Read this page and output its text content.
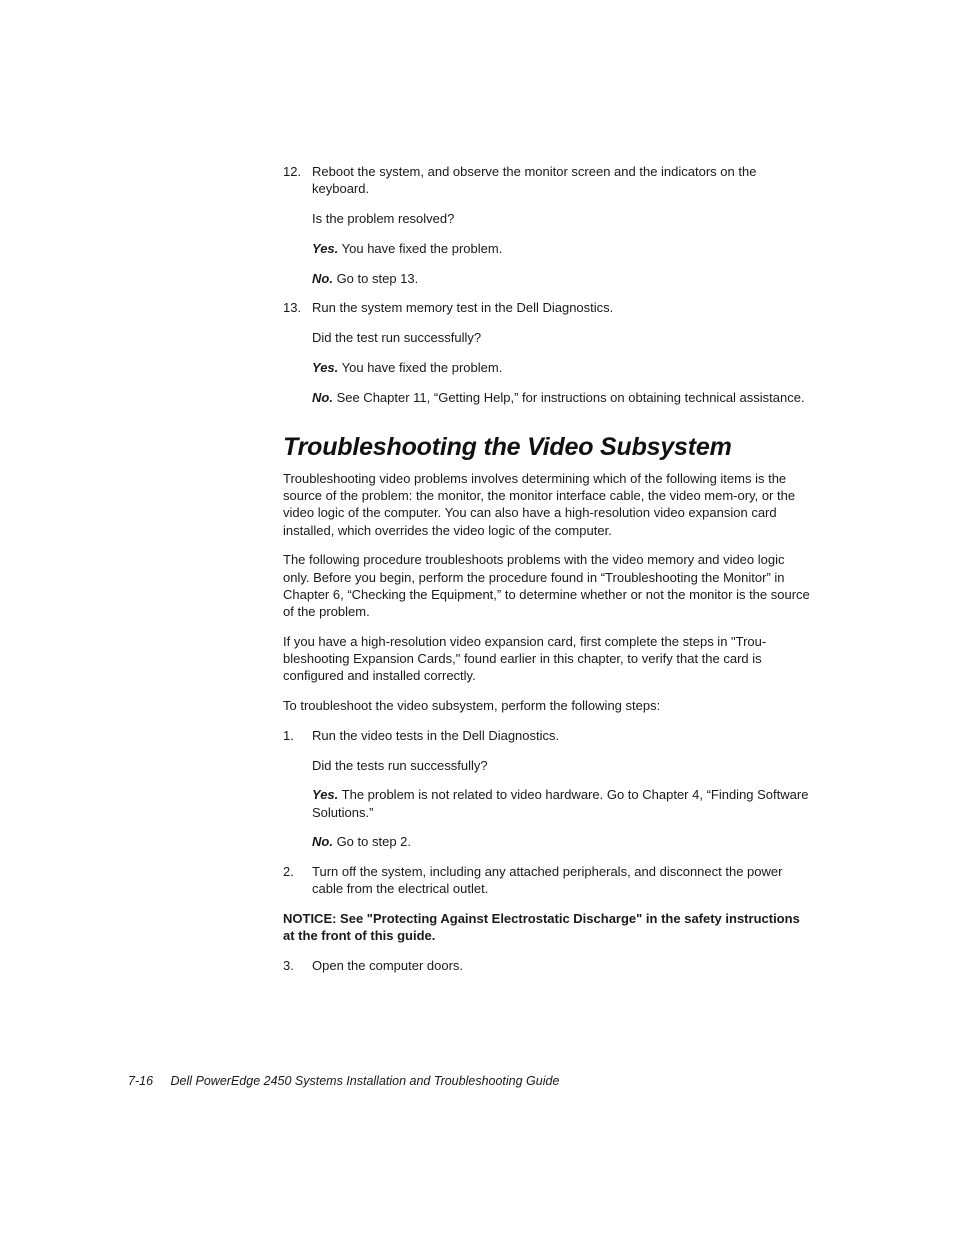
12. Reboot the system, and observe the monitor screen and the indicators on the keyboard.
Is the problem resolved?
Yes. You have fixed the problem.
No. Go to step 13.
13. Run the system memory test in the Dell Diagnostics.
Did the test run successfully?
Yes. You have fixed the problem.
No. See Chapter 11, “Getting Help,” for instructions on obtaining technical assistance.
Troubleshooting the Video Subsystem

Troubleshooting video problems involves determining which of the following items is the source of the problem: the monitor, the monitor interface cable, the video mem-ory, or the video logic of the computer. You can also have a high-resolution video expansion card installed, which overrides the video logic of the computer.

The following procedure troubleshoots problems with the video memory and video logic only. Before you begin, perform the procedure found in “Troubleshooting the Monitor” in Chapter 6, “Checking the Equipment,” to determine whether or not the monitor is the source of the problem.

If you have a high-resolution video expansion card, first complete the steps in "Trou-bleshooting Expansion Cards," found earlier in this chapter, to verify that the card is configured and installed correctly.

To troubleshoot the video subsystem, perform the following steps:

1.	Run the video tests in the Dell Diagnostics.
Did the tests run successfully?
Yes. The problem is not related to video hardware. Go to Chapter 4, “Finding Software Solutions.”
No. Go to step 2.
2.	Turn off the system, including any attached peripherals, and disconnect the power cable from the electrical outlet.

NOTICE: See "Protecting Against Electrostatic Discharge" in the safety instructions at the front of this guide.

3.	Open the computer doors.
7-16 Dell PowerEdge 2450 Systems Installation and Troubleshooting Guide
